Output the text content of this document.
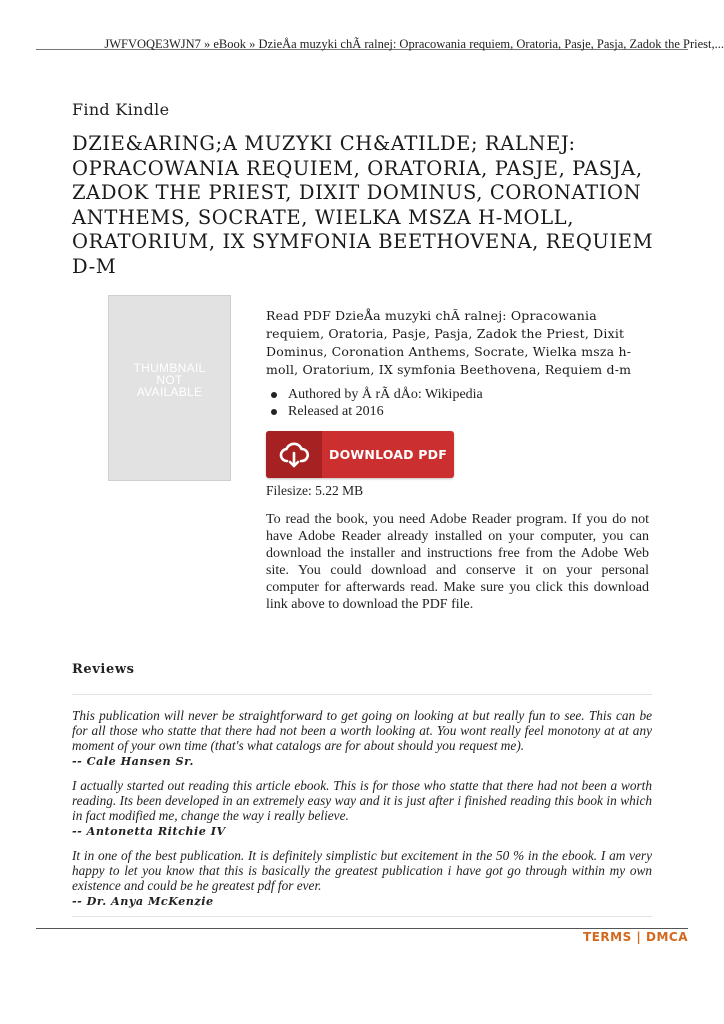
JWFVOQE3WJN7 » eBook » DzieÅa muzyki chÃ ralnej: Opracowania requiem, Oratoria, Pasje, Pasja, Zadok the Priest,...
Find Kindle
DZIE&ARING;A MUZYKI CH&ATILDE; RALNEJ: OPRACOWANIA REQUIEM, ORATORIA, PASJE, PASJA, ZADOK THE PRIEST, DIXIT DOMINUS, CORONATION ANTHEMS, SOCRATE, WIELKA MSZA H-MOLL, ORATORIUM, IX SYMFONIA BEETHOVENA, REQUIEM D-M
THUMBNAIL
NOT
AVAILABLE

Read PDF DzieÅa muzyki chÃ ralnej: Opracowania requiem, Oratoria, Pasje, Pasja, Zadok the Priest, Dixit Dominus, Coronation Anthems, Socrate, Wielka msza h-moll, Oratorium, IX symfonia Beethovena, Requiem d-m

Authored by Å rÃ dÅo: Wikipedia
Released at 2016
DOWNLOAD PDF
Filesize: 5.22 MB

To read the book, you need Adobe Reader program. If you do not have Adobe Reader already installed on your computer, you can download the installer and instructions free from the Adobe Web site. You could download and conserve it on your personal computer for afterwards read. Make sure you click this download link above to download the PDF file.

Reviews

This publication will never be straightforward to get going on looking at but really fun to see. This can be for all those who statte that there had not been a worth looking at. You wont really feel monotony at at any moment of your own time (that's what catalogs are for about should you request me).

-- Cale Hansen Sr.

I actually started out reading this article ebook. This is for those who statte that there had not been a worth reading. Its been developed in an extremely easy way and it is just after i finished reading this book in which in fact modified me, change the way i really believe.

-- Antonetta Ritchie IV

It in one of the best publication. It is definitely simplistic but excitement in the 50 % in the ebook. I am very happy to let you know that this is basically the greatest publication i have got go through within my own existence and could be he greatest pdf for ever.

-- Dr. Anya McKenzie
TERMS | DMCA
